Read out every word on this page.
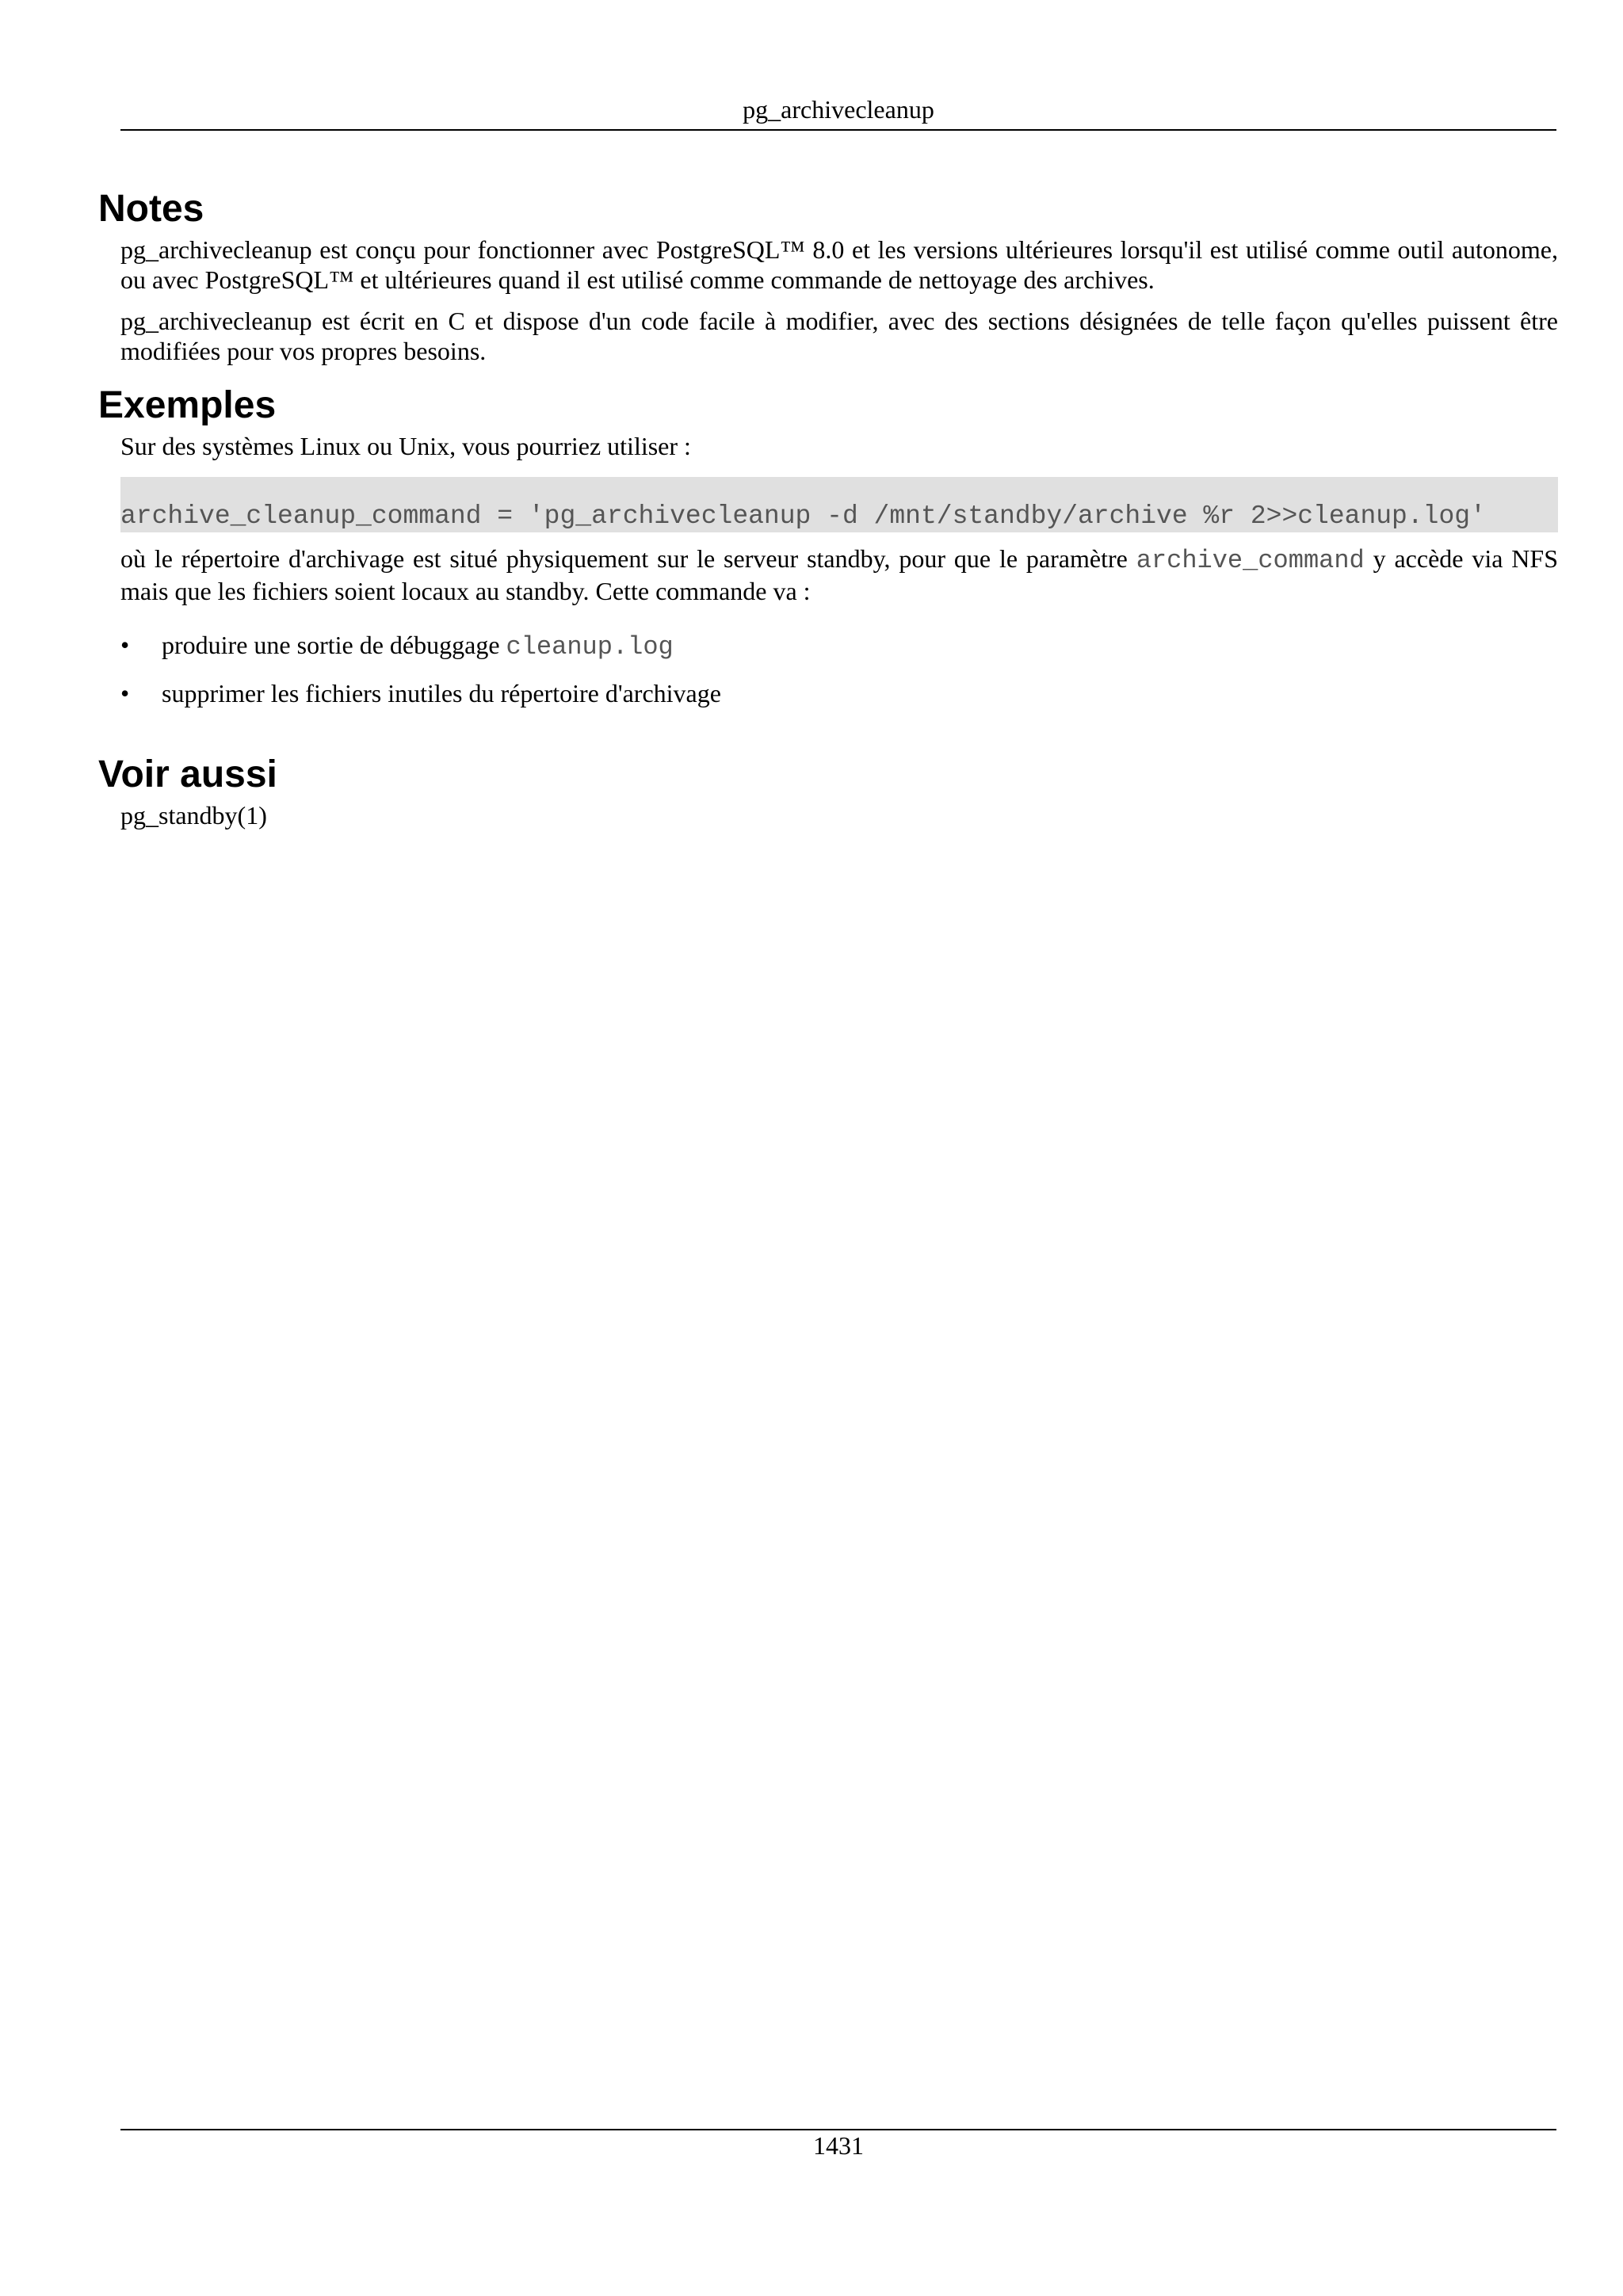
pg_archivecleanup
Notes

pg_archivecleanup est conçu pour fonctionner avec PostgreSQL™ 8.0 et les versions ultérieures lorsqu'il est utilisé comme outil autonome, ou avec PostgreSQL™ et ultérieures quand il est utilisé comme commande de nettoyage des archives.

pg_archivecleanup est écrit en C et dispose d'un code facile à modifier, avec des sections désignées de telle façon qu'elles puissent être modifiées pour vos propres besoins.

Exemples

Sur des systèmes Linux ou Unix, vous pourriez utiliser :

archive_cleanup_command = 'pg_archivecleanup -d /mnt/standby/archive %r 2>>cleanup.log'

où le répertoire d'archivage est situé physiquement sur le serveur standby, pour que le paramètre archive_command y accède via NFS mais que les fichiers soient locaux au standby. Cette commande va :

• produire une sortie de débuggage cleanup.log
• supprimer les fichiers inutiles du répertoire d'archivage
Voir aussi

pg_standby(1)

1431
